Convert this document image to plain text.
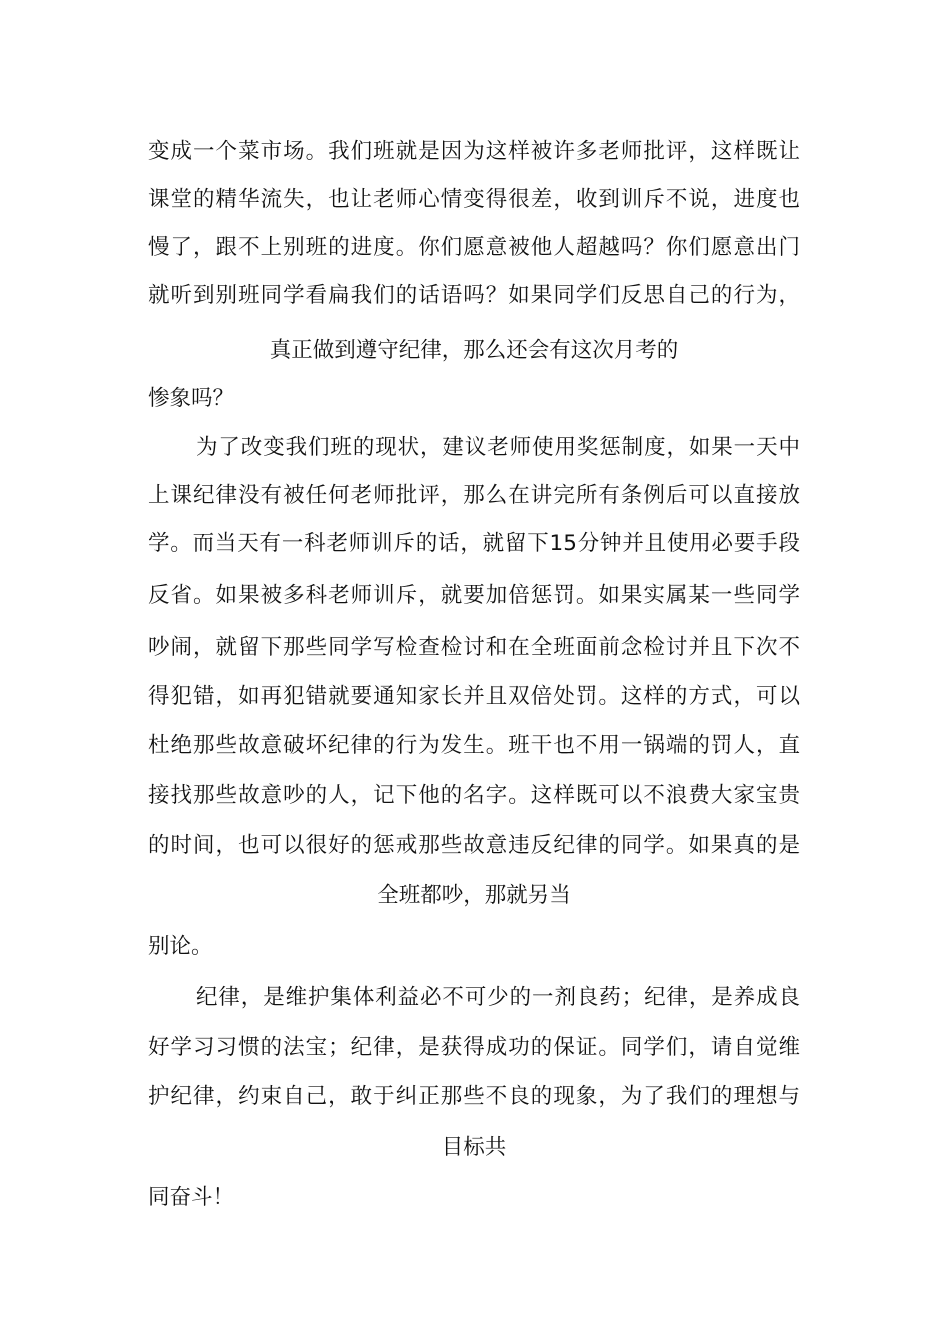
变成一个菜市场。我们班就是因为这样被许多老师批评，这样既让
课堂的精华流失，也让老师心情变得很差，收到训斥不说，进度也
慢了，跟不上别班的进度。你们愿意被他人超越吗？你们愿意出门
就听到别班同学看扁我们的话语吗？如果同学们反思自己的行为，
真正做到遵守纪律，那么还会有这次月考的
惨象吗？
为了改变我们班的现状，建议老师使用奖惩制度，如果一天中
上课纪律没有被任何老师批评，那么在讲完所有条例后可以直接放
学。而当天有一科老师训斥的话，就留下15分钟并且使用必要手段
反省。如果被多科老师训斥，就要加倍惩罚。如果实属某一些同学
吵闹，就留下那些同学写检查检讨和在全班面前念检讨并且下次不
得犯错，如再犯错就要通知家长并且双倍处罚。这样的方式，可以
杜绝那些故意破坏纪律的行为发生。班干也不用一锅端的罚人，直
接找那些故意吵的人，记下他的名字。这样既可以不浪费大家宝贵
的时间，也可以很好的惩戒那些故意违反纪律的同学。如果真的是
全班都吵，那就另当
别论。
纪律，是维护集体利益必不可少的一剂良药；纪律，是养成良
好学习习惯的法宝；纪律，是获得成功的保证。同学们，请自觉维
护纪律，约束自己，敢于纠正那些不良的现象，为了我们的理想与
目标共
同奋斗！
